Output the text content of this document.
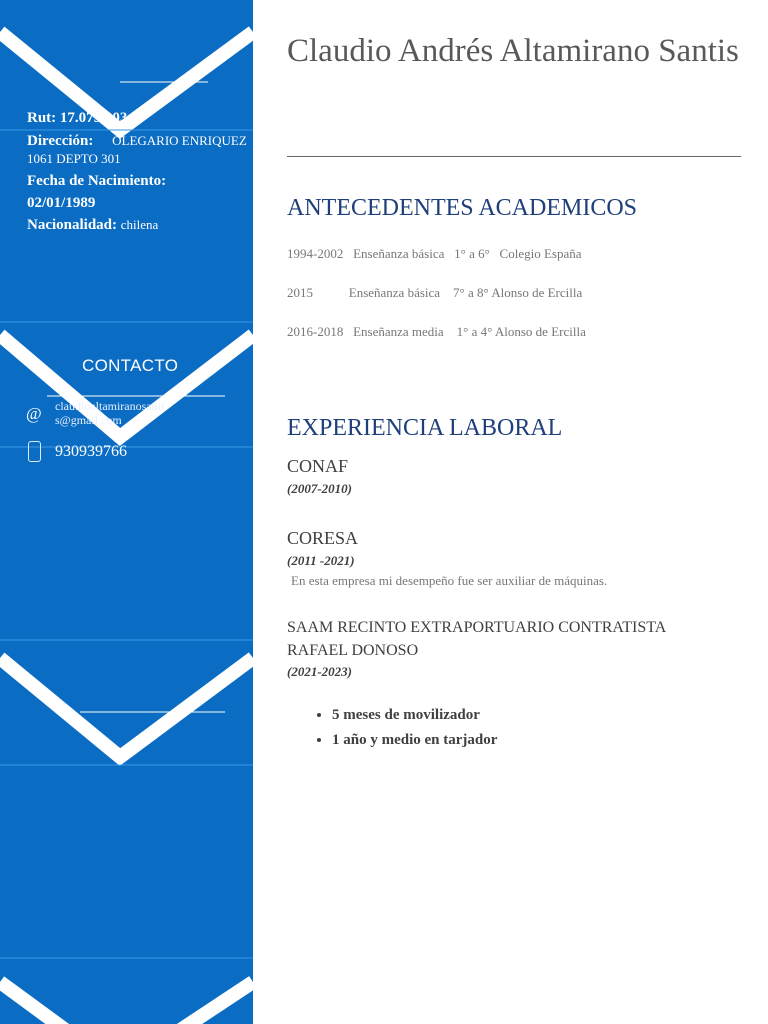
Rut: 17.079.303-9
Dirección: OLEGARIO ENRIQUEZ 1061 DEPTO 301
Fecha de Nacimiento:
02/01/1989
Nacionalidad: chilena
CONTACTO
@ claudioaltamiranosantis@gmail.com
930939766
Claudio Andrés Altamirano Santis
ANTECEDENTES ACADEMICOS
1994-2002   Enseñanza básica   1° a 6°   Colegio España
2015           Enseñanza básica    7° a 8° Alonso de Ercilla
2016-2018   Enseñanza media    1° a 4° Alonso de Ercilla
EXPERIENCIA LABORAL
CONAF
(2007-2010)
CORESA
(2011 -2021)
En esta empresa mi desempeño fue ser auxiliar de máquinas.
SAAM RECINTO EXTRAPORTUARIO CONTRATISTA RAFAEL DONOSO
(2021-2023)
• 5 meses de movilizador
• 1 año y medio en tarjador
